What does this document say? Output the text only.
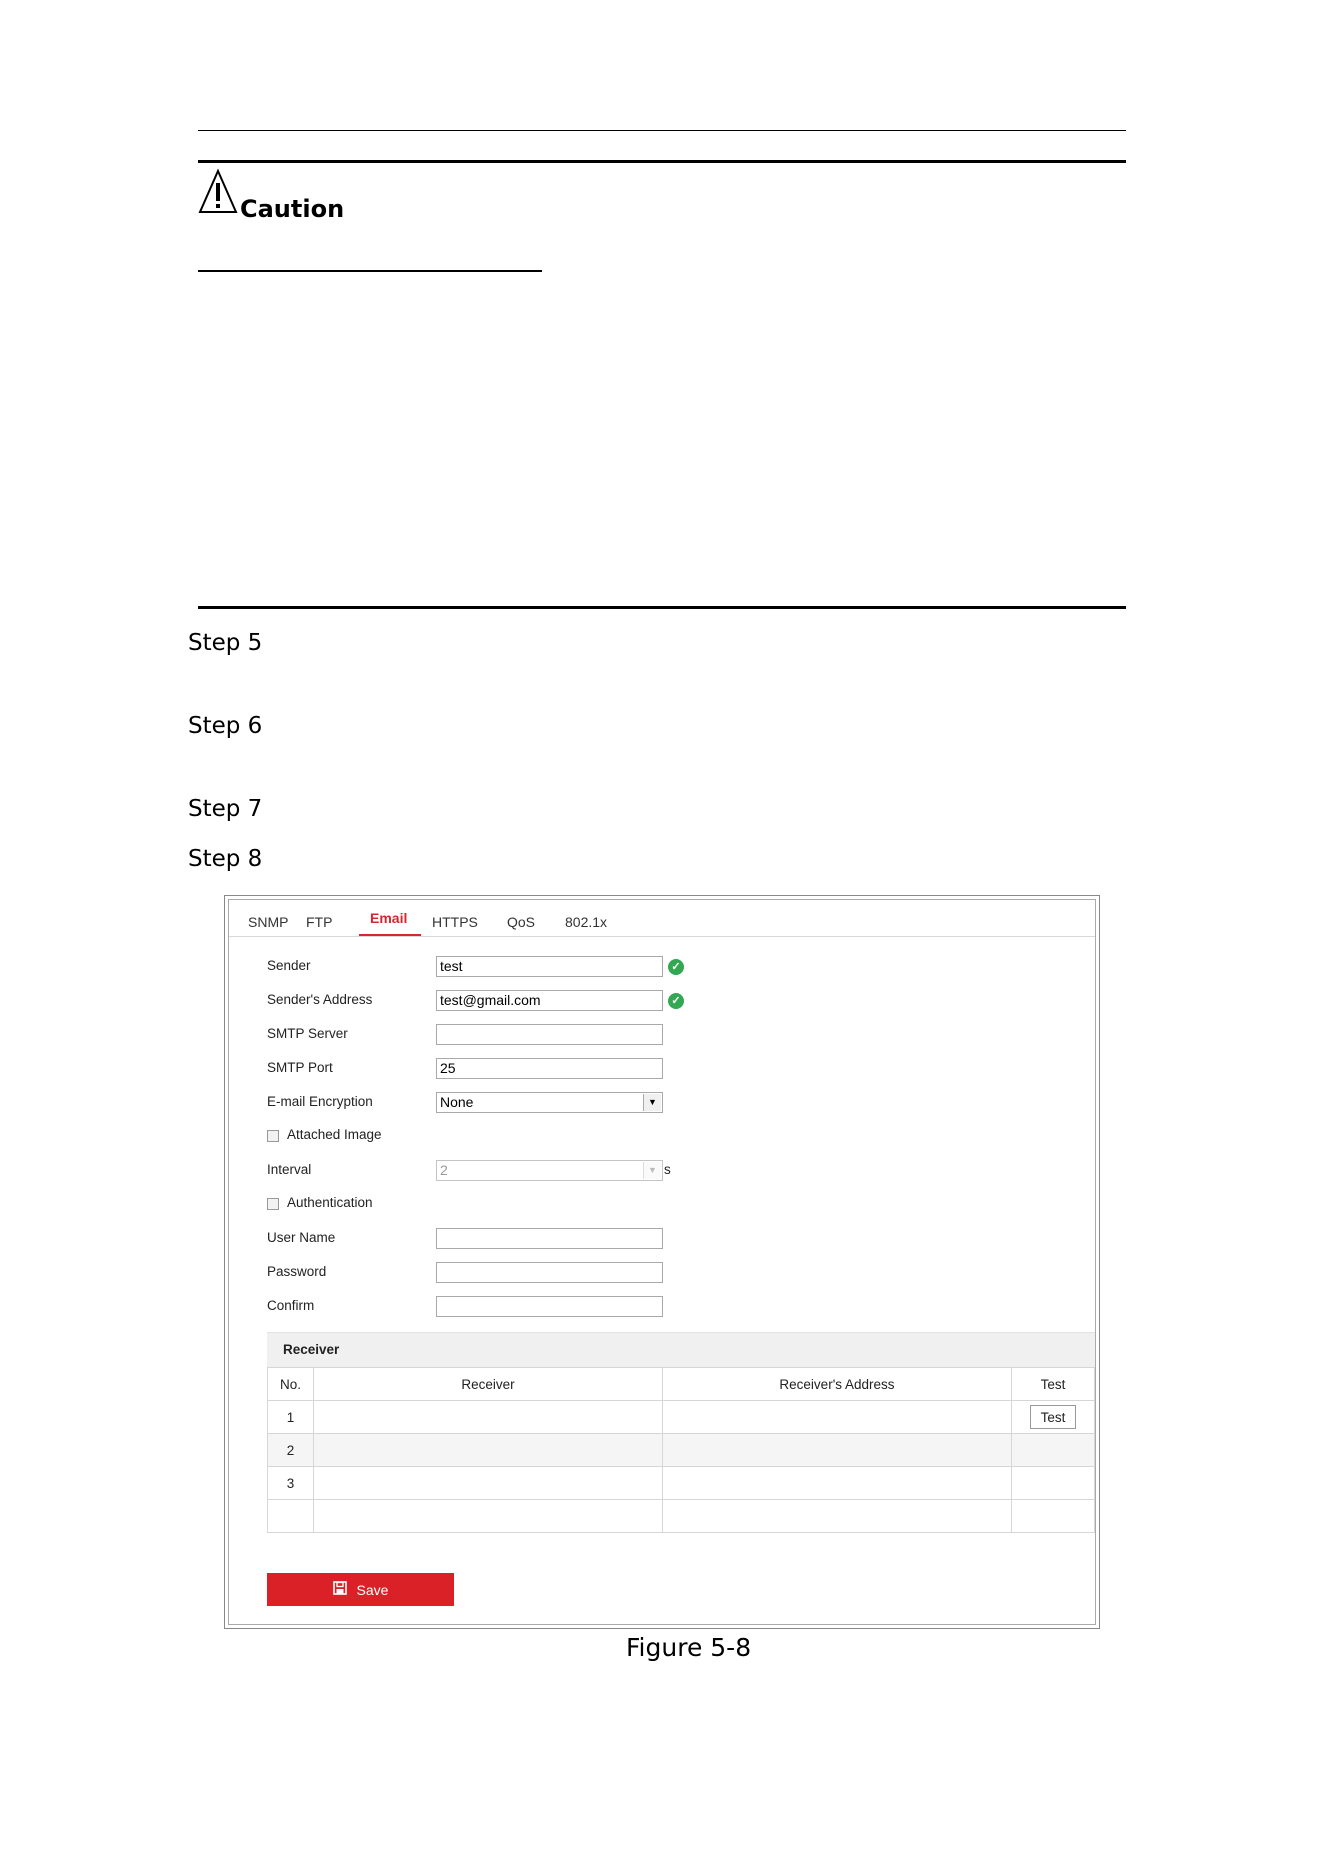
Caution
Step 5
Step 6
Step 7
Step 8
SNMP FTP	Email HTTPS QoS 802.1x
Sender	test	✓
Sender's Address	test@gmail.com	✓
SMTP Server
SMTP Port	25
E-mail Encryption	None	▼
Attached Image
Interval	2	▼ s
Authentication
User Name
Password
Confirm
Receiver
No.	Receiver	Receiver's Address	Test
1			Test
2			
3			

Save
Figure 5-8
